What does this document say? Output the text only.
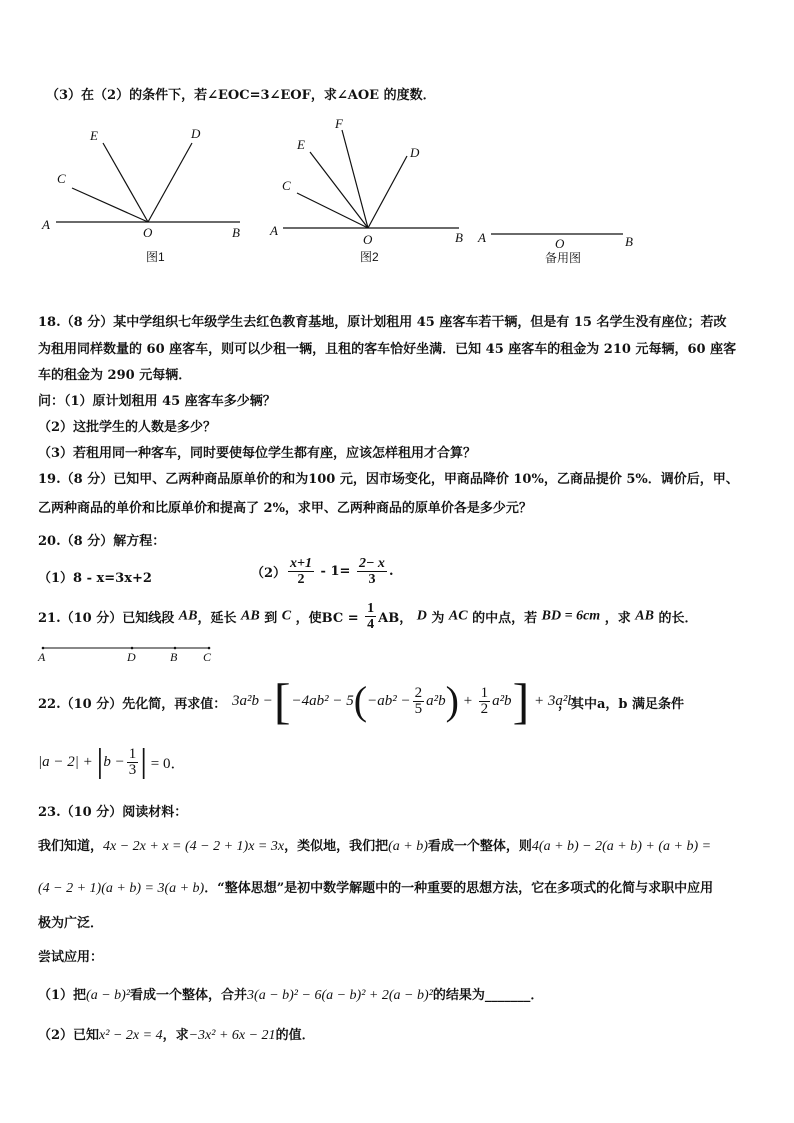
（3）在（2）的条件下，若∠EOC=3∠EOF，求∠AOE 的度数．
A
B
O
C
E	D
图1
A	B
O
C
E
F
D
图2
A	B
O
备用图
18.（8 分）某中学组织七年级学生去红色教育基地，原计划租用 45 座客车若干辆，但是有 15 名学生没有座位；若改
为租用同样数量的 60 座客车，则可以少租一辆，且租的客车恰好坐满．已知 45 座客车的租金为 210 元每辆，60 座客
车的租金为 290 元每辆．
问：（1）原计划租用 45 座客车多少辆？
（2）这批学生的人数是多少？
（3）若租用同一种客车，同时要使每位学生都有座，应该怎样租用才合算？
19.（8 分）已知甲、乙两种商品原单价的和为100 元，因市场变化，甲商品降价 10%，乙商品提价 5%．调价后，甲、
乙两种商品的单价和比原单价和提高了 2%，求甲、乙两种商品的原单价各是多少元？
20.（8 分）解方程：
（1）8 - x=3x+2	$(2) \frac{x+1}{2} - 1= \frac{2- x}{3}$ .
21.（10 分）已知线段 AB，延长 AB 到 C ，使BC = $\frac{1}{4}$ AB， D 为 AC 的中点，若 BD = 6cm ，求 AB 的长．
A	D	B C
22.（10 分）先化简，再求值： 3a²b − [ −4ab² − 5 ( $-ab^2 - \frac{2}{5} a^2b$ ) + $\frac{1}{2} a^2b$ ] + 3a²b
，其中a，b 满足条件
|a − 2| + | $b - \frac{1}{3}$ | = 0．
23.（10 分）阅读材料：
我们知道，4x − 2x + x = (4 − 2 + 1)x = 3x，类似地，我们把(a + b)看成一个整体，则4(a + b) − 2(a + b) + (a + b) =
(4 − 2 + 1)(a + b) = 3(a + b)．“整体思想”是初中数学解题中的一种重要的思想方法，它在多项式的化简与求职中应用
极为广泛．
尝试应用：
（1）把(a − b)²看成一个整体，合并3(a − b)² − 6(a − b)² + 2(a − b)²的结果为_______．
（2）已知x² − 2x = 4，求−3x² + 6x − 21的值．
